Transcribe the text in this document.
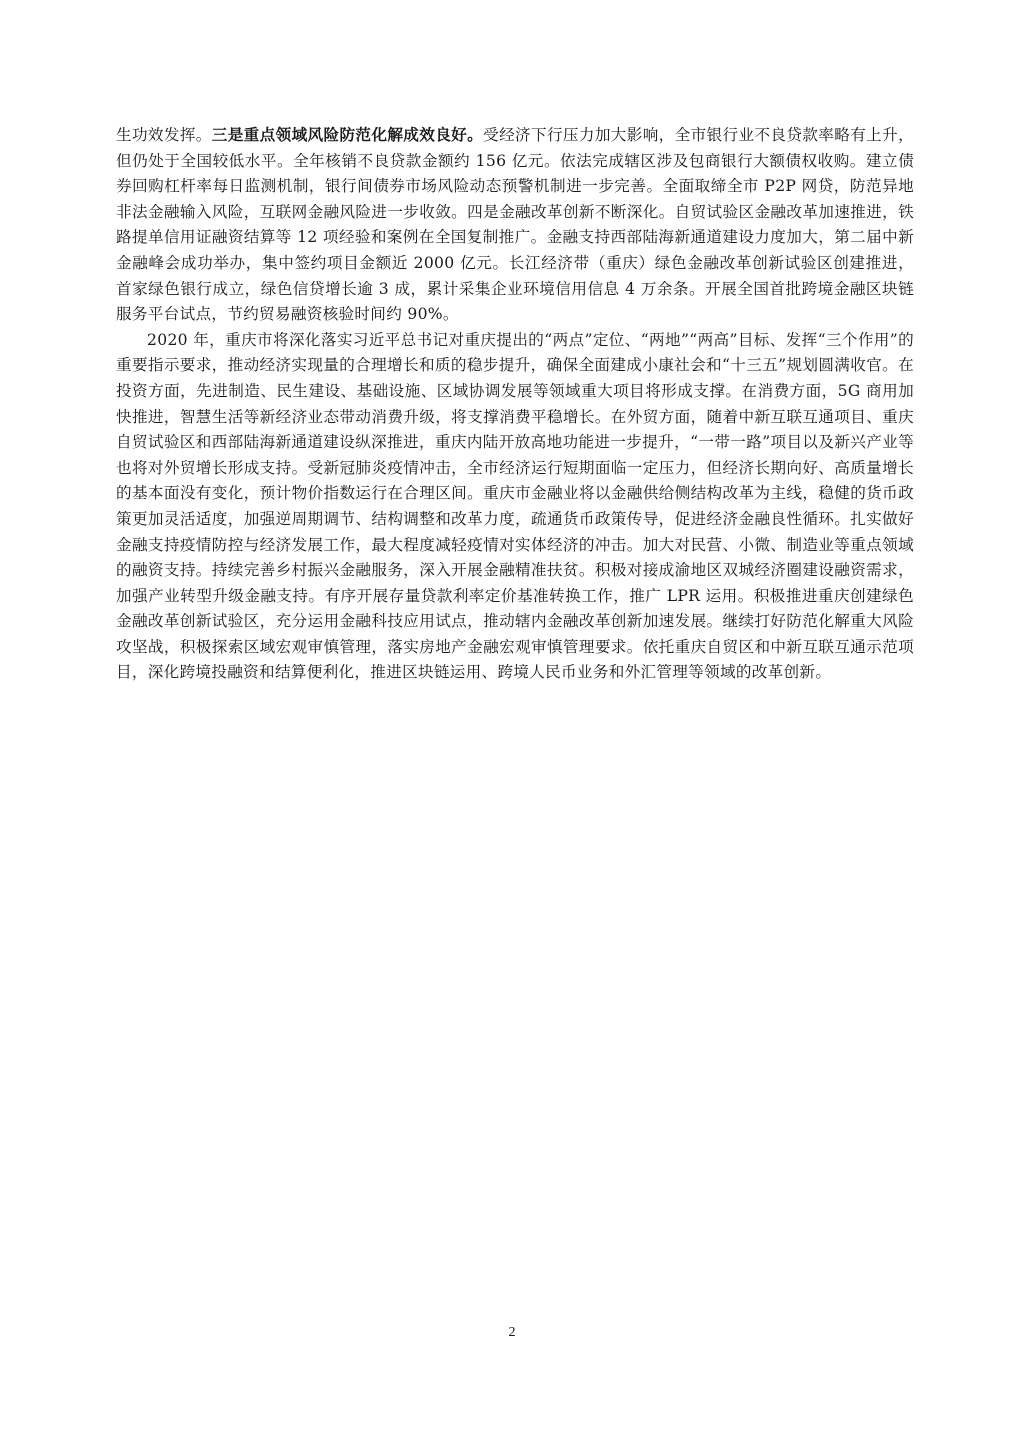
生功效发挥。三是重点领域风险防范化解成效良好。受经济下行压力加大影响，全市银行业不良贷款率略有上升，但仍处于全国较低水平。全年核销不良贷款金额约 156 亿元。依法完成辖区涉及包商银行大额债权收购。建立债券回购杠杆率每日监测机制，银行间债券市场风险动态预警机制进一步完善。全面取缔全市 P2P 网贷，防范异地非法金融输入风险，互联网金融风险进一步收敛。四是金融改革创新不断深化。自贸试验区金融改革加速推进，铁路提单信用证融资结算等 12 项经验和案例在全国复制推广。金融支持西部陆海新通道建设力度加大，第二届中新金融峰会成功举办，集中签约项目金额近 2000 亿元。长江经济带（重庆）绿色金融改革创新试验区创建推进，首家绿色银行成立，绿色信贷增长逾 3 成，累计采集企业环境信用信息 4 万余条。开展全国首批跨境金融区块链服务平台试点，节约贸易融资核验时间约 90%。

2020 年，重庆市将深化落实习近平总书记对重庆提出的“两点”定位、“两地”“两高”目标、发挥“三个作用”的重要指示要求，推动经济实现量的合理增长和质的稳步提升，确保全面建成小康社会和“十三五”规划圆满收官。在投资方面，先进制造、民生建设、基础设施、区域协调发展等领域重大项目将形成支撑。在消费方面，5G 商用加快推进，智慧生活等新经济业态带动消费升级，将支撑消费平稳增长。在外贸方面，随着中新互联互通项目、重庆自贸试验区和西部陆海新通道建设纵深推进，重庆内陆开放高地功能进一步提升，“一带一路”项目以及新兴产业等也将对外贸增长形成支持。受新冠肺炎疫情冲击，全市经济运行短期面临一定压力，但经济长期向好、高质量增长的基本面没有变化，预计物价指数运行在合理区间。重庆市金融业将以金融供给侧结构改革为主线，稳健的货币政策更加灵活适度，加强逆周期调节、结构调整和改革力度，疏通货币政策传导，促进经济金融良性循环。扎实做好金融支持疫情防控与经济发展工作，最大程度减轻疫情对实体经济的冲击。加大对民营、小微、制造业等重点领域的融资支持。持续完善乡村振兴金融服务，深入开展金融精准扶贫。积极对接成渝地区双城经济圈建设融资需求，加强产业转型升级金融支持。有序开展存量贷款利率定价基准转换工作，推广 LPR 运用。积极推进重庆创建绿色金融改革创新试验区，充分运用金融科技应用试点，推动辖内金融改革创新加速发展。继续打好防范化解重大风险攻坚战，积极探索区域宏观审慎管理，落实房地产金融宏观审慎管理要求。依托重庆自贸区和中新互联互通示范项目，深化跨境投融资和结算便利化，推进区块链运用、跨境人民币业务和外汇管理等领域的改革创新。

2
